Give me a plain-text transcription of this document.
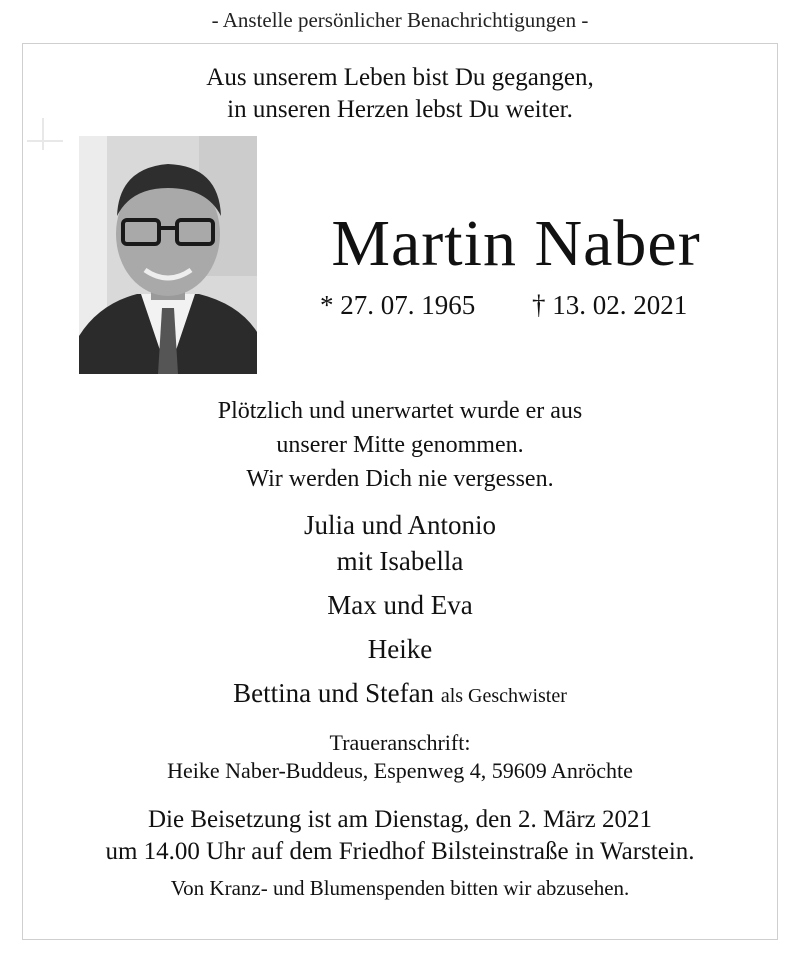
- Anstelle persönlicher Benachrichtigungen -
Aus unserem Leben bist Du gegangen,
in unseren Herzen lebst Du weiter.
Martin Naber
* 27. 07. 1965 † 13. 02. 2021
Plötzlich und unerwartet wurde er aus
unserer Mitte genommen.
Wir werden Dich nie vergessen.
Julia und Antonio
mit Isabella
Max und Eva
Heike
Bettina und Stefan als Geschwister
Traueranschrift:
Heike Naber-Buddeus, Espenweg 4, 59609 Anröchte
Die Beisetzung ist am Dienstag, den 2. März 2021
um 14.00 Uhr auf dem Friedhof Bilsteinstraße in Warstein.
Von Kranz- und Blumenspenden bitten wir abzusehen.
